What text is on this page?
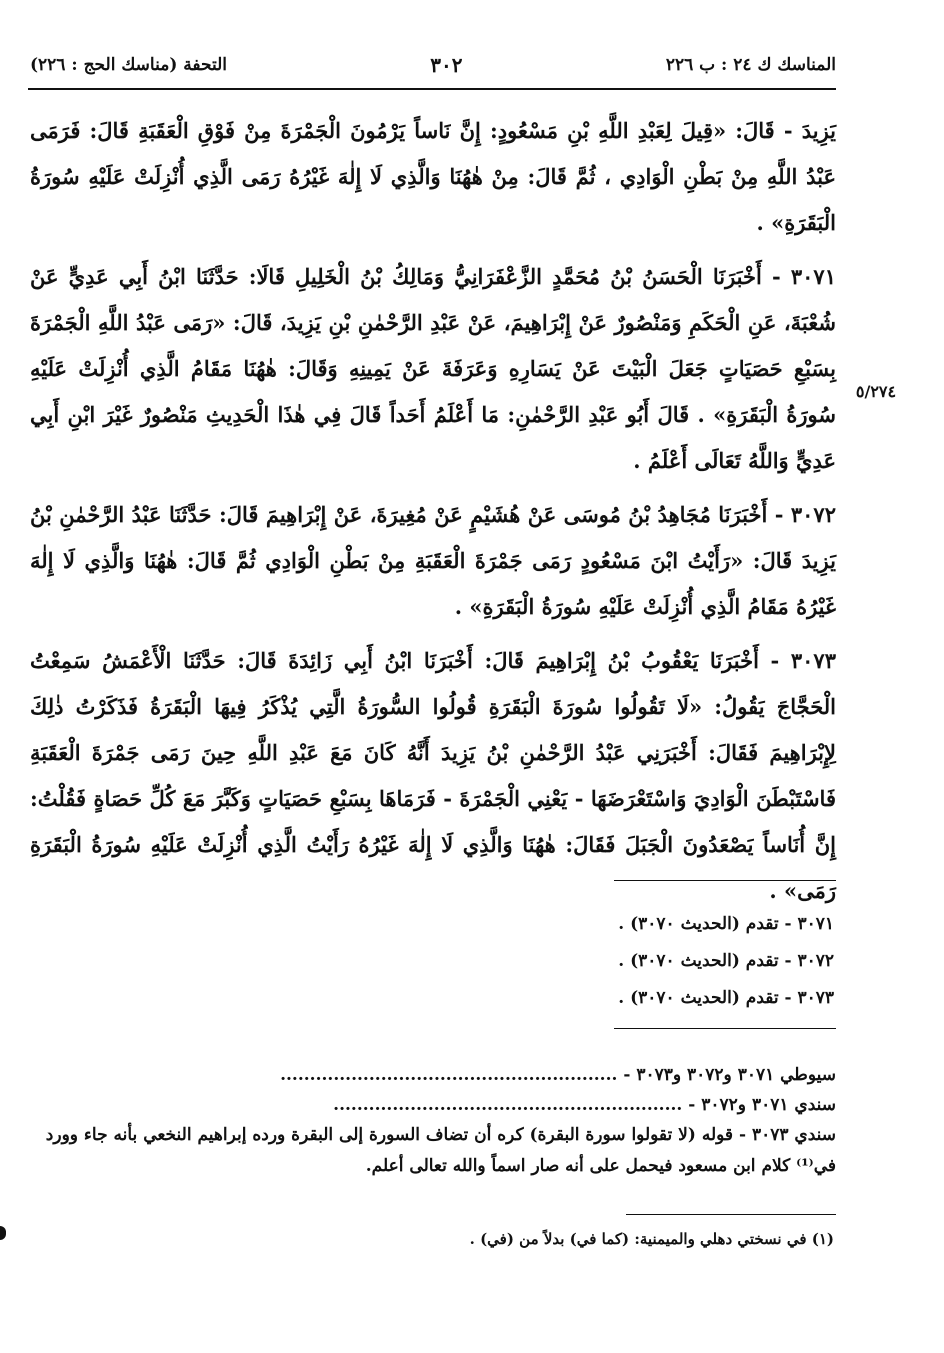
المناسك ك ٢٤ : ب ٢٢٦
٣٠٢
التحفة (مناسك الحج : ٢٢٦)
٥/٢٧٤

يَزِيدَ - قَالَ: «قِيلَ لِعَبْدِ اللَّهِ بْنِ مَسْعُودٍ: إِنَّ نَاساً يَرْمُونَ الْجَمْرَةَ مِنْ فَوْقِ الْعَقَبَةِ قَالَ: فَرَمَى عَبْدُ اللَّهِ مِنْ بَطْنِ الْوَادِي ، ثُمَّ قَالَ: مِنْ هٰهُنَا وَالَّذِي لَا إِلٰهَ غَيْرُهُ رَمَى الَّذِي أُنْزِلَتْ عَلَيْهِ سُورَةُ الْبَقَرَةِ» .

٣٠٧١ - أَخْبَرَنَا الْحَسَنُ بْنُ مُحَمَّدٍ الزَّعْفَرَانِيُّ وَمَالِكُ بْنُ الْخَلِيلِ قَالَا: حَدَّثَنَا ابْنُ أَبِي عَدِيٍّ عَنْ شُعْبَةَ، عَنِ الْحَكَمِ وَمَنْصُورٌ عَنْ إِبْرَاهِيمَ، عَنْ عَبْدِ الرَّحْمٰنِ بْنِ يَزِيدَ، قَالَ: «رَمَى عَبْدُ اللَّهِ الْجَمْرَةَ بِسَبْعِ حَصَيَاتٍ جَعَلَ الْبَيْتَ عَنْ يَسَارِهِ وَعَرَفَةَ عَنْ يَمِينِهِ وَقَالَ: هٰهُنَا مَقَامُ الَّذِي أُنْزِلَتْ عَلَيْهِ سُورَةُ الْبَقَرَةِ» . قَالَ أَبُو عَبْدِ الرَّحْمٰنِ: مَا أَعْلَمُ أَحَداً قَالَ فِي هٰذَا الْحَدِيثِ مَنْصُورٌ غَيْرَ ابْنِ أَبِي عَدِيٍّ وَاللَّهُ تَعَالَى أَعْلَمُ .

٣٠٧٢ - أَخْبَرَنَا مُجَاهِدُ بْنُ مُوسَى عَنْ هُشَيْمٍ عَنْ مُغِيرَةَ، عَنْ إِبْرَاهِيمَ قَالَ: حَدَّثَنَا عَبْدُ الرَّحْمٰنِ بْنُ يَزِيدَ قَالَ: «رَأَيْتُ ابْنَ مَسْعُودٍ رَمَى جَمْرَةَ الْعَقَبَةِ مِنْ بَطْنِ الْوَادِي ثُمَّ قَالَ: هٰهُنَا وَالَّذِي لَا إِلٰهَ غَيْرُهُ مَقَامُ الَّذِي أُنْزِلَتْ عَلَيْهِ سُورَةُ الْبَقَرَةِ» .

٣٠٧٣ - أَخْبَرَنَا يَعْقُوبُ بْنُ إِبْرَاهِيمَ قَالَ: أَخْبَرَنَا ابْنُ أَبِي زَائِدَةَ قَالَ: حَدَّثَنَا الْأَعْمَشُ سَمِعْتُ الْحَجَّاجَ يَقُولُ: «لَا تَقُولُوا سُورَةَ الْبَقَرَةِ قُولُوا السُّورَةُ الَّتِي يُذْكَرُ فِيهَا الْبَقَرَةُ فَذَكَرْتُ ذٰلِكَ لِإِبْرَاهِيمَ فَقَالَ: أَخْبَرَنِي عَبْدُ الرَّحْمٰنِ بْنُ يَزِيدَ أَنَّهُ كَانَ مَعَ عَبْدِ اللَّهِ حِينَ رَمَى جَمْرَةَ الْعَقَبَةِ فَاسْتَبْطَنَ الْوَادِيَ وَاسْتَعْرَضَهَا - يَعْنِي الْجَمْرَةَ - فَرَمَاهَا بِسَبْعِ حَصَيَاتٍ وَكَبَّرَ مَعَ كُلِّ حَصَاةٍ فَقُلْتُ: إِنَّ أُنَاساً يَصْعَدُونَ الْجَبَلَ فَقَالَ: هٰهُنَا وَالَّذِي لَا إِلٰهَ غَيْرُهُ رَأَيْتُ الَّذِي أُنْزِلَتْ عَلَيْهِ سُورَةُ الْبَقَرَةِ رَمَى» .

٣٠٧١ - تقدم (الحديث ٣٠٧٠) .
٣٠٧٢ - تقدم (الحديث ٣٠٧٠) .
٣٠٧٣ - تقدم (الحديث ٣٠٧٠) .
سيوطي ٣٠٧١ و٣٠٧٢ و٣٠٧٣ - .........................................................
سندي ٣٠٧١ و٣٠٧٢ - ...........................................................
سندي ٣٠٧٣ - قوله (لا تقولوا سورة البقرة) كره أن تضاف السورة إلى البقرة ورده إبراهيم النخعي بأنه جاء وورد في⁽¹⁾ كلام ابن مسعود فيحمل على أنه صار اسماً والله تعالى أعلم.
(١) في نسختي دهلي والميمنية: (كما في) بدلاً من (في) .
